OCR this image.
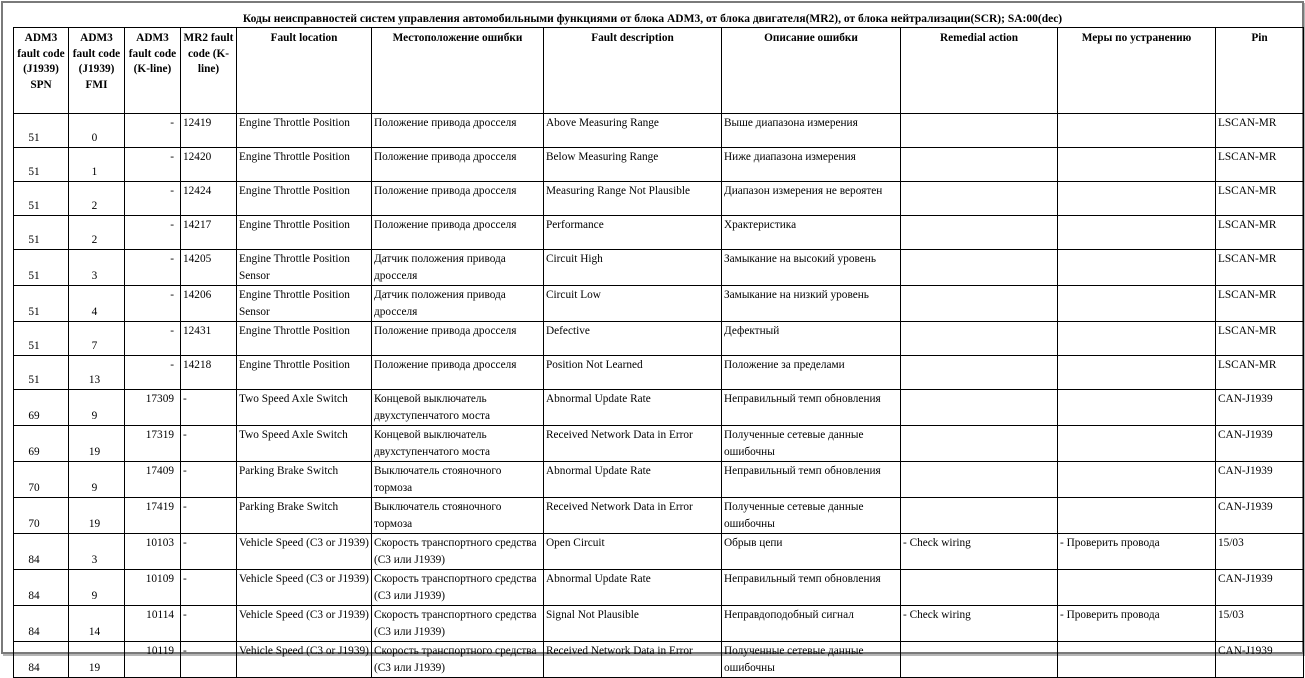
Коды неисправностей систем управления автомобильными функциями от блока ADM3, от блока двигателя(MR2), от блока нейтрализации(SCR); SA:00(dec)
ADM3 fault code (J1939) SPN	ADM3 fault code (J1939) FMI	ADM3 fault code (K-line)	MR2 fault code (K-line)	Fault location	Местоположение ошибки	Fault description	Описание ошибки	Remedial action	Меры по устранению	Pin
51	0	-	12419	Engine Throttle Position	Положение привода дросселя	Above Measuring Range	Выше диапазона измерения			LSCAN-MR
51	1	-	12420	Engine Throttle Position	Положение привода дросселя	Below Measuring Range	Ниже диапазона измерения			LSCAN-MR
51	2	-	12424	Engine Throttle Position	Положение привода дросселя	Measuring Range Not Plausible	Диапазон измерения не вероятен			LSCAN-MR
51	2	-	14217	Engine Throttle Position	Положение привода дросселя	Performance	Храктеристика			LSCAN-MR
51	3	-	14205	Engine Throttle Position Sensor	Датчик положения привода дросселя	Circuit High	Замыкание на высокий уровень			LSCAN-MR
51	4	-	14206	Engine Throttle Position Sensor	Датчик положения привода дросселя	Circuit Low	Замыкание на низкий уровень			LSCAN-MR
51	7	-	12431	Engine Throttle Position	Положение привода дросселя	Defective	Дефектный			LSCAN-MR
51	13	-	14218	Engine Throttle Position	Положение привода дросселя	Position Not Learned	Положение за пределами			LSCAN-MR
69	9	17309	-	Two Speed Axle Switch	Концевой выключатель двухступенчатого моста	Abnormal Update Rate	Неправильный темп обновления			CAN-J1939
69	19	17319	-	Two Speed Axle Switch	Концевой выключатель двухступенчатого моста	Received Network Data in Error	Полученные сетевые данные ошибочны			CAN-J1939
70	9	17409	-	Parking Brake Switch	Выключатель стояночного тормоза	Abnormal Update Rate	Неправильный темп обновления			CAN-J1939
70	19	17419	-	Parking Brake Switch	Выключатель стояночного тормоза	Received Network Data in Error	Полученные сетевые данные ошибочны			CAN-J1939
84	3	10103	-	Vehicle Speed (C3 or J1939)	Скорость транспортного средства (C3 или J1939)	Open Circuit	Обрыв цепи	- Check wiring	- Проверить провода	15/03
84	9	10109	-	Vehicle Speed (C3 or J1939)	Скорость транспортного средства (C3 или J1939)	Abnormal Update Rate	Неправильный темп обновления			CAN-J1939
84	14	10114	-	Vehicle Speed (C3 or J1939)	Скорость транспортного средства (C3 или J1939)	Signal Not Plausible	Неправдоподобный сигнал	- Check wiring	- Проверить провода	15/03
84	19	10119	-	Vehicle Speed (C3 or J1939)	Скорость транспортного средства (C3 или J1939)	Received Network Data in Error	Полученные сетевые данные ошибочны			CAN-J1939
